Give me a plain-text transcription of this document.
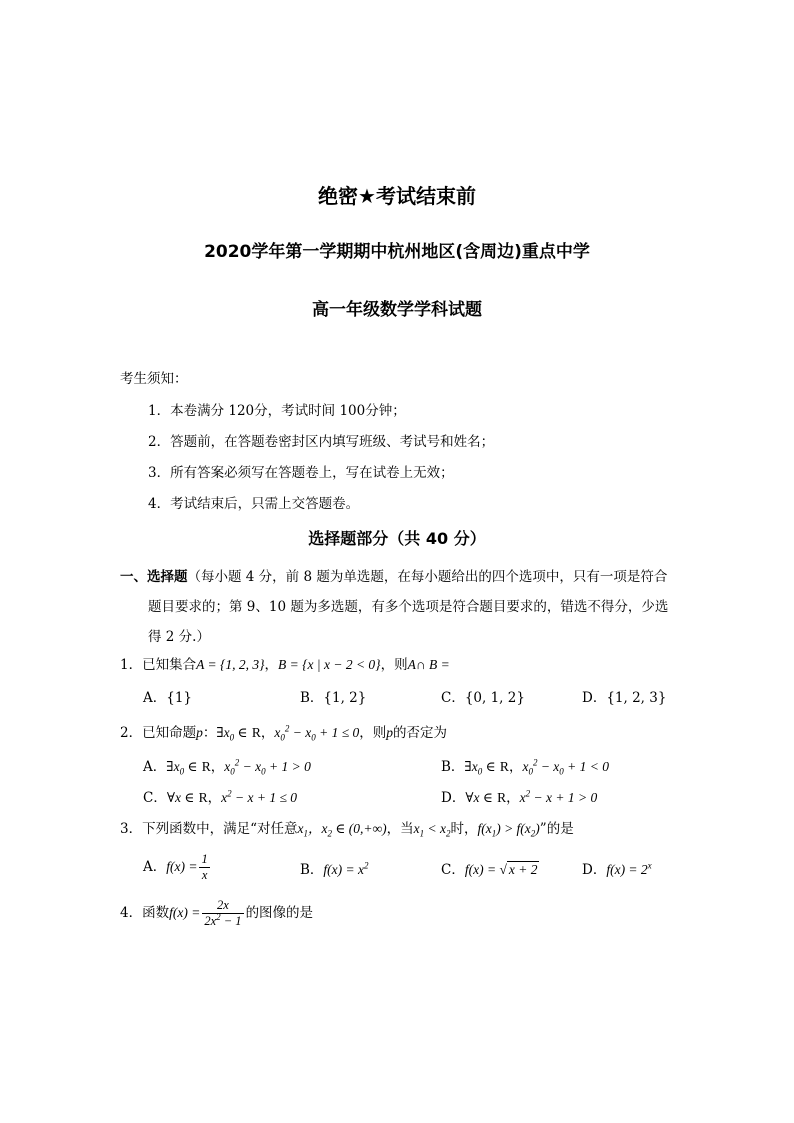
绝密★考试结束前
2020学年第一学期期中杭州地区(含周边)重点中学
高一年级数学学科试题
考生须知：
1．本卷满分 120分，考试时间 100分钟；
2．答题前，在答题卷密封区内填写班级、考试号和姓名；
3．所有答案必须写在答题卷上，写在试卷上无效；
4．考试结束后，只需上交答题卷。
选择题部分（共 40 分）
一、选择题（每小题 4 分，前 8 题为单选题，在每小题给出的四个选项中，只有一项是符合
题目要求的；第 9、10 题为多选题，有多个选项是符合题目要求的，错选不得分，少选
得 2 分.）
1．已知集合A = {1, 2, 3}，B = {x | x − 2 < 0}，则A∩ B =
A．{1}	B．{1, 2}	C．{0, 1, 2}	D．{1, 2, 3}
2．已知命题p：$\exists x_0$ ∈ R，$x_0^2 - x_0 + 1 \le 0$，则p的否定为
A．$\exists x_0$ ∈ R，$x_0^2 - x_0 + 1 > 0$	B．$\exists x_0$ ∈ R，$x_0^2 - x_0 + 1 < 0$
C．∀x ∈ R，$x^2 - x + 1 \le 0$	D．∀x ∈ R，$x^2 - x + 1 > 0$
3．下列函数中，满足“对任意$x_1$，$x_2$ ∈ (0,+∞)，当$x_1 < x_2$时，$f(x_1) > f(x_2)$”的是
A．$f(x) = \frac{1}{x}$	B．$f(x) = x^2$	C．f(x) = √ x + 2	D．$f(x) = 2^x$
4．函数$f(x) = \frac{2x}{2x^2 - 1}$ 的图像的是
